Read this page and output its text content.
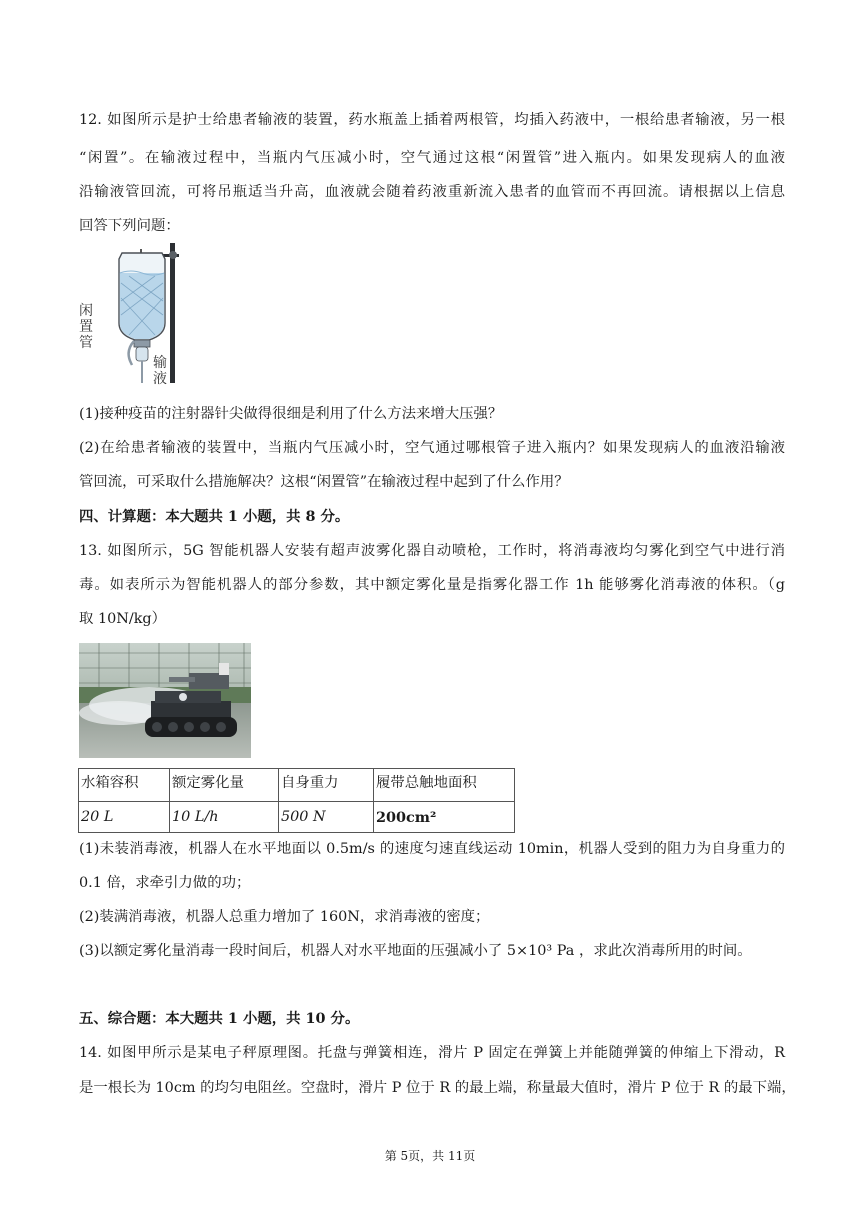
12. 如图所示是护士给患者输液的装置，药水瓶盖上插着两根管，均插入药液中，一根给患者输液，另一根
“闲置”。在输液过程中，当瓶内气压减小时，空气通过这根“闲置管”进入瓶内。如果发现病人的血液
沿输液管回流，可将吊瓶适当升高，血液就会随着药液重新流入患者的血管而不再回流。请根据以上信息
回答下列问题：
闲置管
输液
(1)接种疫苗的注射器针尖做得很细是利用了什么方法来增大压强？
(2)在给患者输液的装置中，当瓶内气压减小时，空气通过哪根管子进入瓶内？如果发现病人的血液沿输液
管回流，可采取什么措施解决？这根“闲置管”在输液过程中起到了什么作用？
四、计算题：本大题共 1 小题，共 8 分。
13. 如图所示，5G 智能机器人安装有超声波雾化器自动喷枪，工作时，将消毒液均匀雾化到空气中进行消
毒。如表所示为智能机器人的部分参数，其中额定雾化量是指雾化器工作 1h 能够雾化消毒液的体积。（g
取 10N/kg）
水箱容积	额定雾化量	自身重力	履带总触地面积
20 L	10 L/h	500 N	200cm²
(1)未装消毒液，机器人在水平地面以 0.5m/s 的速度匀速直线运动 10min，机器人受到的阻力为自身重力的
0.1 倍，求牵引力做的功；
(2)装满消毒液，机器人总重力增加了 160N，求消毒液的密度；
(3)以额定雾化量消毒一段时间后，机器人对水平地面的压强减小了 5×10³ Pa ，求此次消毒所用的时间。
五、综合题：本大题共 1 小题，共 10 分。
14. 如图甲所示是某电子秤原理图。托盘与弹簧相连，滑片 P 固定在弹簧上并能随弹簧的伸缩上下滑动，R
是一根长为 10cm 的均匀电阻丝。空盘时，滑片 P 位于 R 的最上端，称量最大值时，滑片 P 位于 R 的最下端，
第 5页，共 11页
